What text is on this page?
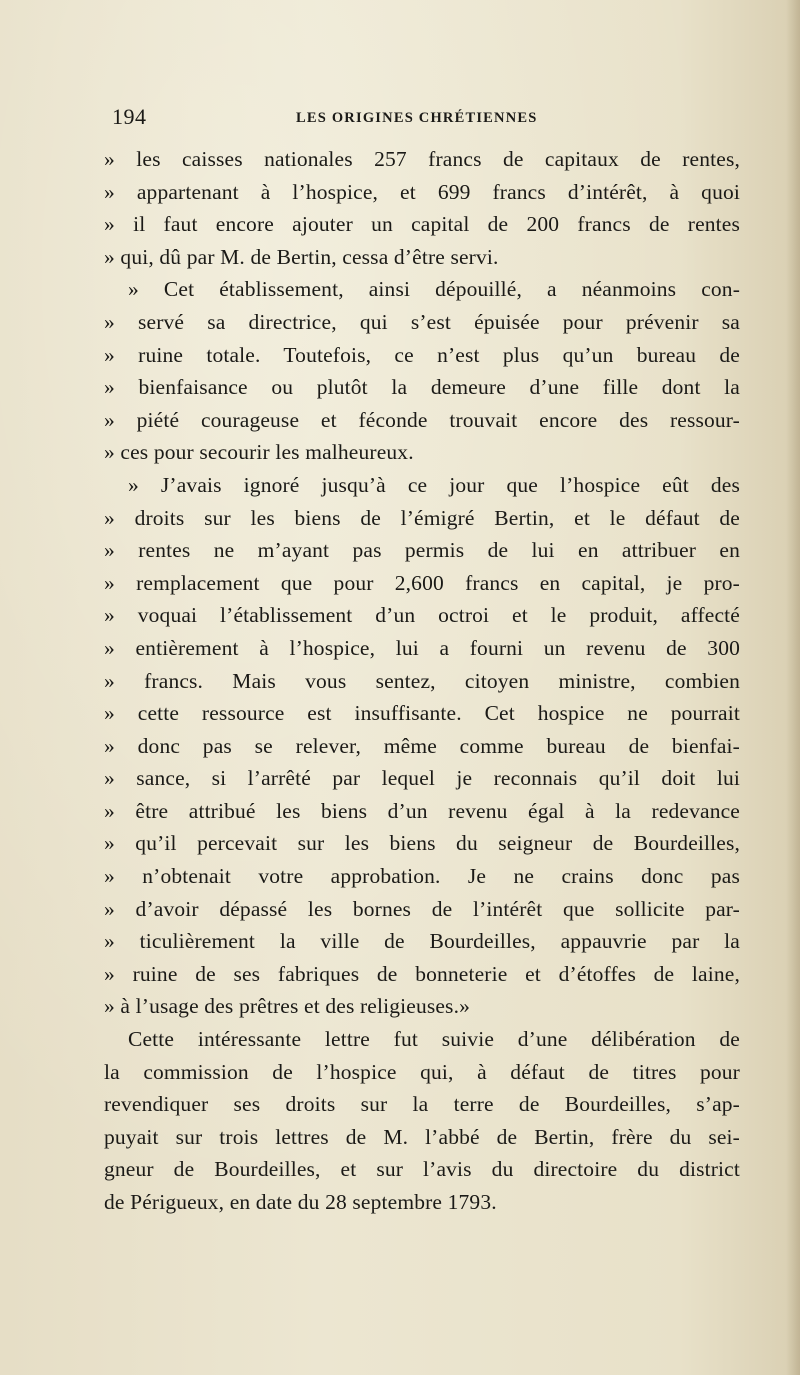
194	LES ORIGINES CHRÉTIENNES
» les caisses nationales 257 francs de capitaux de rentes,
» appartenant à l’hospice, et 699 francs d’intérêt, à quoi
» il faut encore ajouter un capital de 200 francs de rentes
» qui, dû par M. de Bertin, cessa d’être servi.
» Cet établissement, ainsi dépouillé, a néanmoins con-
» servé sa directrice, qui s’est épuisée pour prévenir sa
» ruine totale. Toutefois, ce n’est plus qu’un bureau de
» bienfaisance ou plutôt la demeure d’une fille dont la
» piété courageuse et féconde trouvait encore des ressour-
» ces pour secourir les malheureux.
» J’avais ignoré jusqu’à ce jour que l’hospice eût des
» droits sur les biens de l’émigré Bertin, et le défaut de
» rentes ne m’ayant pas permis de lui en attribuer en
» remplacement que pour 2,600 francs en capital, je pro-
» voquai l’établissement d’un octroi et le produit, affecté
» entièrement à l’hospice, lui a fourni un revenu de 300
» francs. Mais vous sentez, citoyen ministre, combien
» cette ressource est insuffisante. Cet hospice ne pourrait
» donc pas se relever, même comme bureau de bienfai-
» sance, si l’arrêté par lequel je reconnais qu’il doit lui
» être attribué les biens d’un revenu égal à la redevance
» qu’il percevait sur les biens du seigneur de Bourdeilles,
» n’obtenait votre approbation. Je ne crains donc pas
» d’avoir dépassé les bornes de l’intérêt que sollicite par-
» ticulièrement la ville de Bourdeilles, appauvrie par la
» ruine de ses fabriques de bonneterie et d’étoffes de laine,
» à l’usage des prêtres et des religieuses.»
Cette intéressante lettre fut suivie d’une délibération de
la commission de l’hospice qui, à défaut de titres pour
revendiquer ses droits sur la terre de Bourdeilles, s’ap-
puyait sur trois lettres de M. l’abbé de Bertin, frère du sei-
gneur de Bourdeilles, et sur l’avis du directoire du district
de Périgueux, en date du 28 septembre 1793.
